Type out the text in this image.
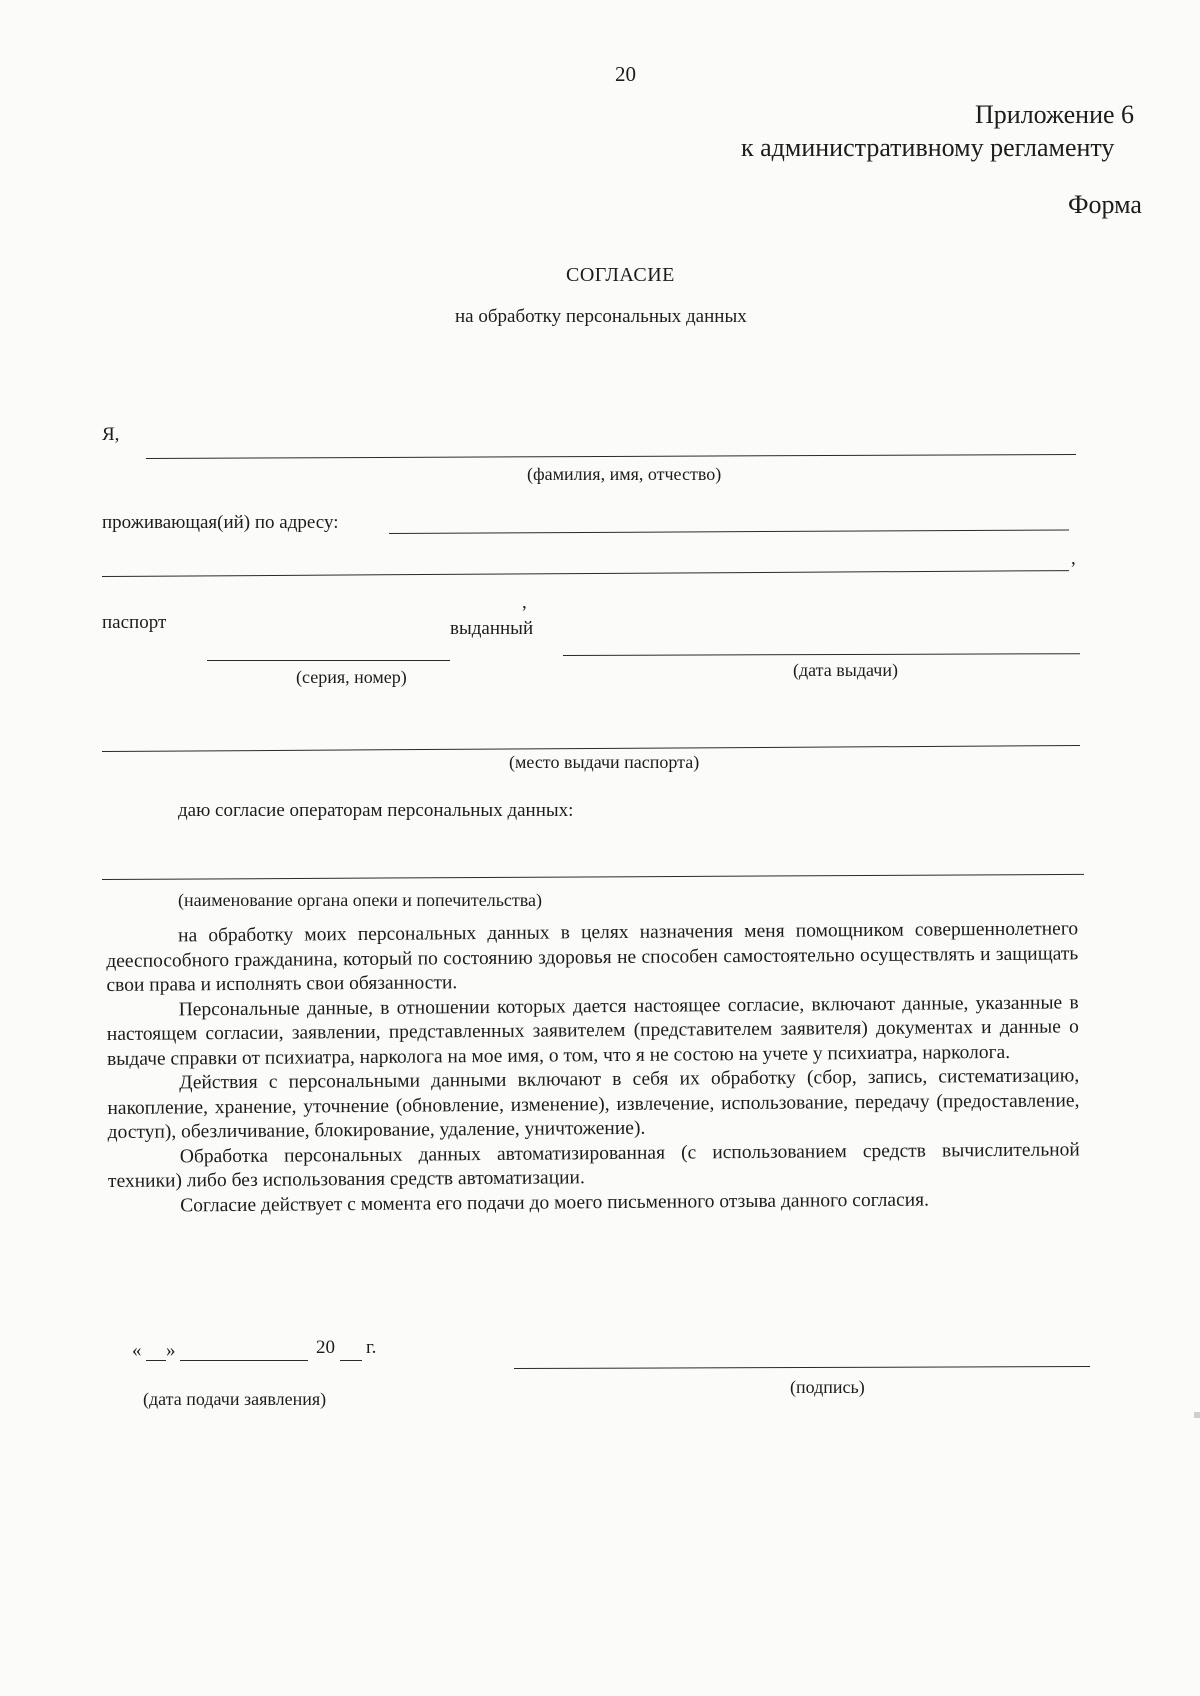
20
Приложение 6
к административному регламенту
Форма
СОГЛАСИЕ
на обработку персональных данных
Я,
(фамилия, имя, отчество)
проживающая(ий) по адресу:
,
паспорт
,
выданный
(серия, номер)	(дата выдачи)
(место выдачи паспорта)
даю согласие операторам персональных данных:
(наименование органа опеки и попечительства)

на обработку моих персональных данных в целях назначения меня помощником совершеннолетнего дееспособного гражданина, который по состоянию здоровья не способен самостоятельно осуществлять и защищать свои права и исполнять свои обязанности.

Персональные данные, в отношении которых дается настоящее согласие, включают данные, указанные в настоящем согласии, заявлении, представленных заявителем (представителем заявителя) документах и данные о выдаче справки от психиатра, нарколога на мое имя, о том, что я не состою на учете у психиатра, нарколога.

Действия с персональными данными включают в себя их обработку (сбор, запись, систематизацию, накопление, хранение, уточнение (обновление, изменение), извлечение, использование, передачу (предоставление, доступ), обезличивание, блокирование, удаление, уничтожение).

Обработка персональных данных автоматизированная (с использованием средств вычислительной техники) либо без использования средств автоматизации.

Согласие действует с момента его подачи до моего письменного отзыва данного согласия.

« »	20 г.
(дата подачи заявления)
(подпись)
